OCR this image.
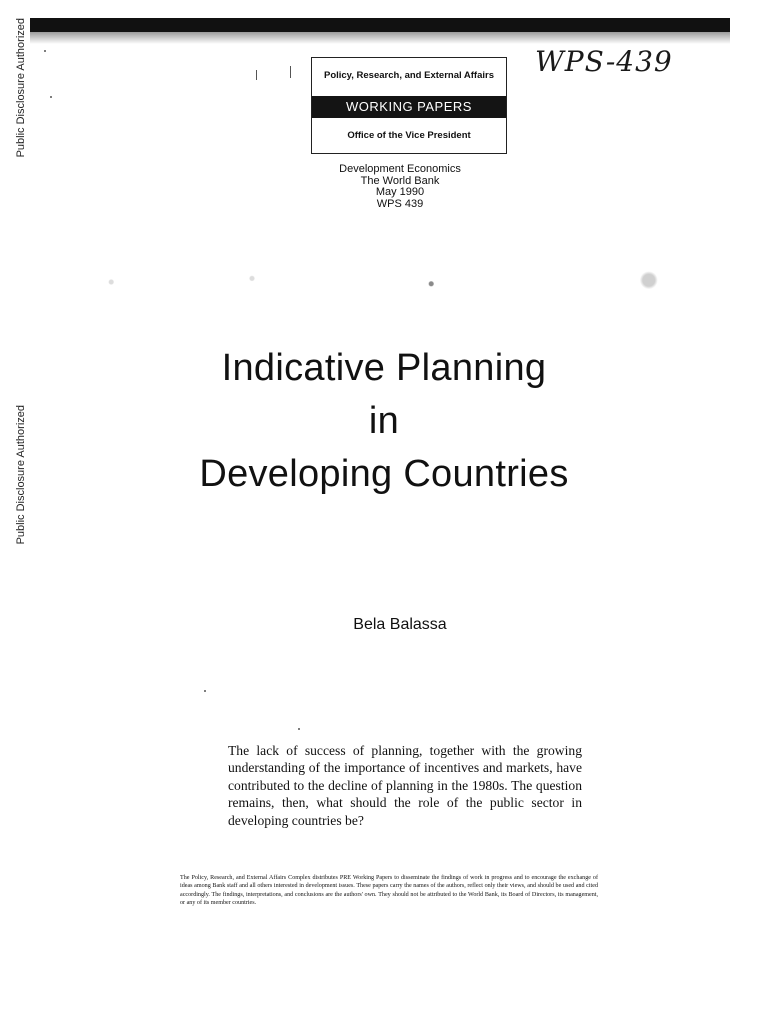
Public Disclosure Authorized
Public Disclosure Authorized
WPS-439
Policy, Research, and External Affairs
WORKING PAPERS
Office of the Vice President
Development Economics
The World Bank
May 1990
WPS 439
Indicative Planning
in
Developing Countries
Bela Balassa
The lack of success of planning, together with the growing understanding of the importance of incentives and markets, have contributed to the decline of planning in the 1980s. The question remains, then, what should the role of the public sector in developing countries be?
The Policy, Research, and External Affairs Complex distributes PRE Working Papers to disseminate the findings of work in progress and to encourage the exchange of ideas among Bank staff and all others interested in development issues. These papers carry the names of the authors, reflect only their views, and should be used and cited accordingly. The findings, interpretations, and conclusions are the authors' own. They should not be attributed to the World Bank, its Board of Directors, its management, or any of its member countries.
